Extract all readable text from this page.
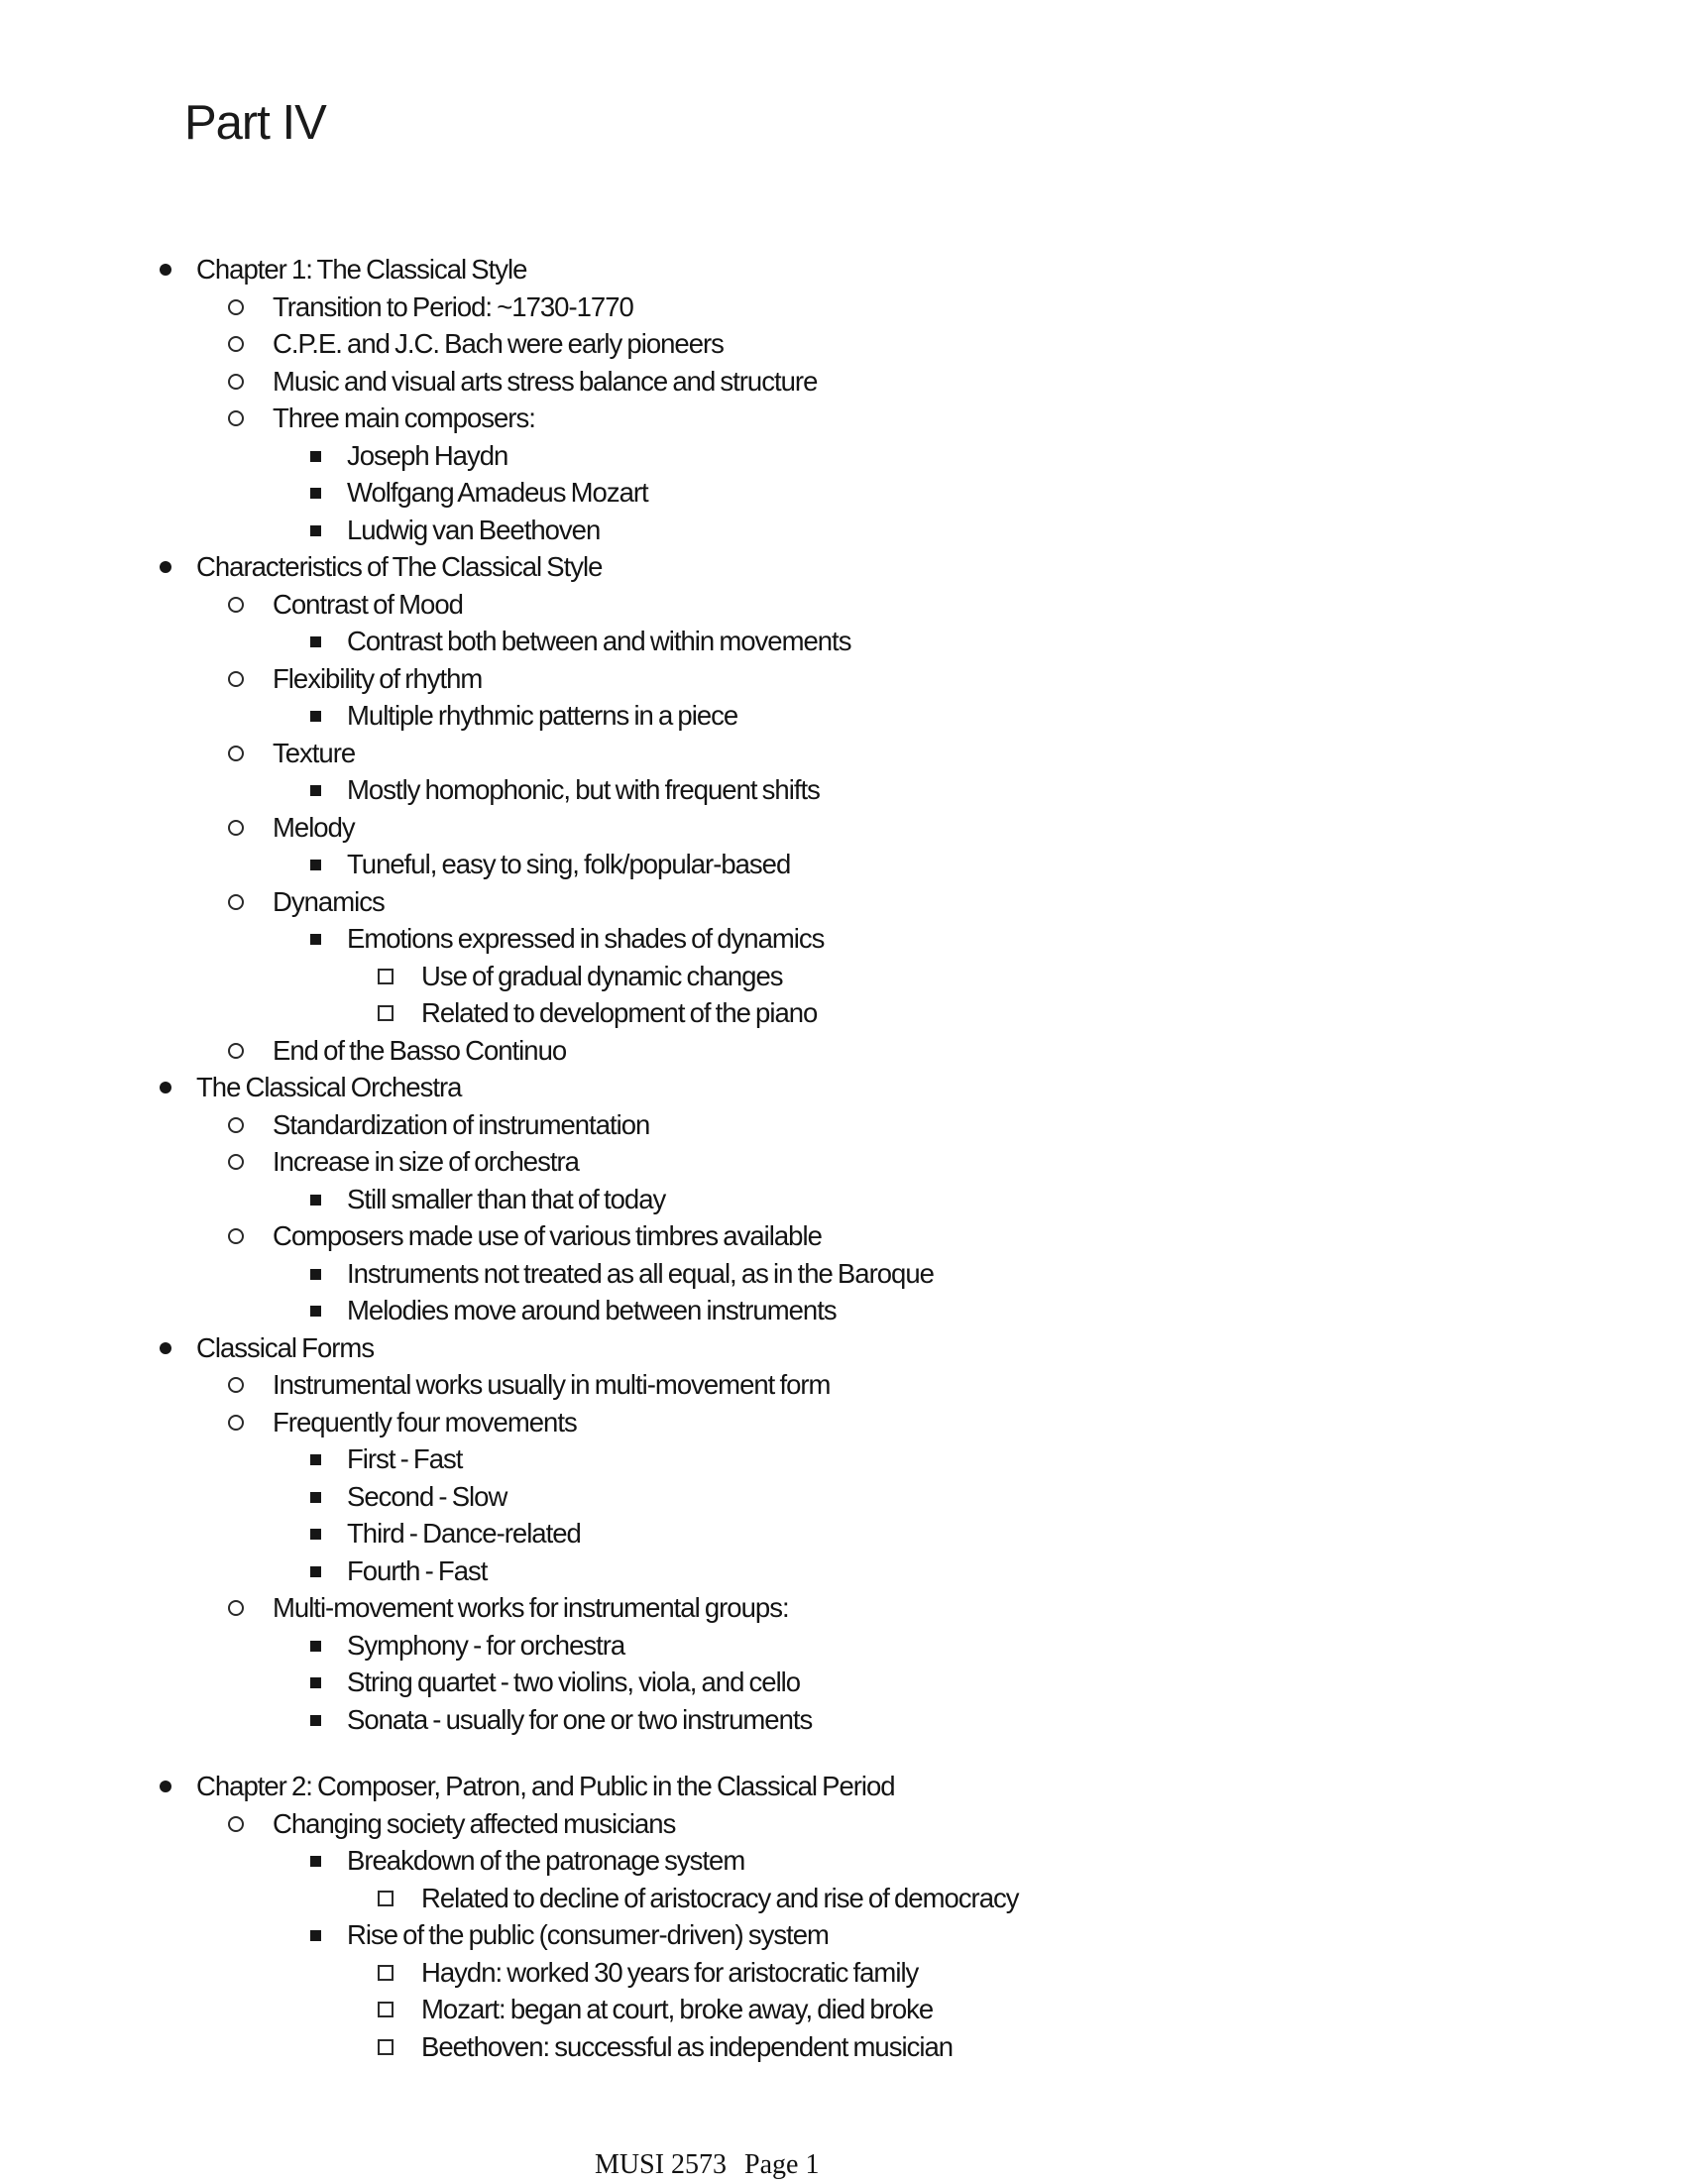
Part IV
Chapter 1: The Classical Style
Transition to Period: ~1730-1770
C.P.E. and J.C. Bach were early pioneers
Music and visual arts stress balance and structure
Three main composers:
Joseph Haydn
Wolfgang Amadeus Mozart
Ludwig van Beethoven
Characteristics of The Classical Style
Contrast of Mood
Contrast both between and within movements
Flexibility of rhythm
Multiple rhythmic patterns in a piece
Texture
Mostly homophonic, but with frequent shifts
Melody
Tuneful, easy to sing, folk/popular-based
Dynamics
Emotions expressed in shades of dynamics
Use of gradual dynamic changes
Related to development of the piano
End of the Basso Continuo
The Classical Orchestra
Standardization of instrumentation
Increase in size of orchestra
Still smaller than that of today
Composers made use of various timbres available
Instruments not treated as all equal, as in the Baroque
Melodies move around between instruments
Classical Forms
Instrumental works usually in multi-movement form
Frequently four movements
First - Fast
Second - Slow
Third - Dance-related
Fourth - Fast
Multi-movement works for instrumental groups:
Symphony - for orchestra
String quartet - two violins, viola, and cello
Sonata - usually for one or two instruments
Chapter 2: Composer, Patron, and Public in the Classical Period
Changing society affected musicians
Breakdown of the patronage system
Related to decline of aristocracy and rise of democracy
Rise of the public (consumer-driven) system
Haydn: worked 30 years for aristocratic family
Mozart: began at court, broke away, died broke
Beethoven: successful as independent musician
MUSI 2573 Page 1
